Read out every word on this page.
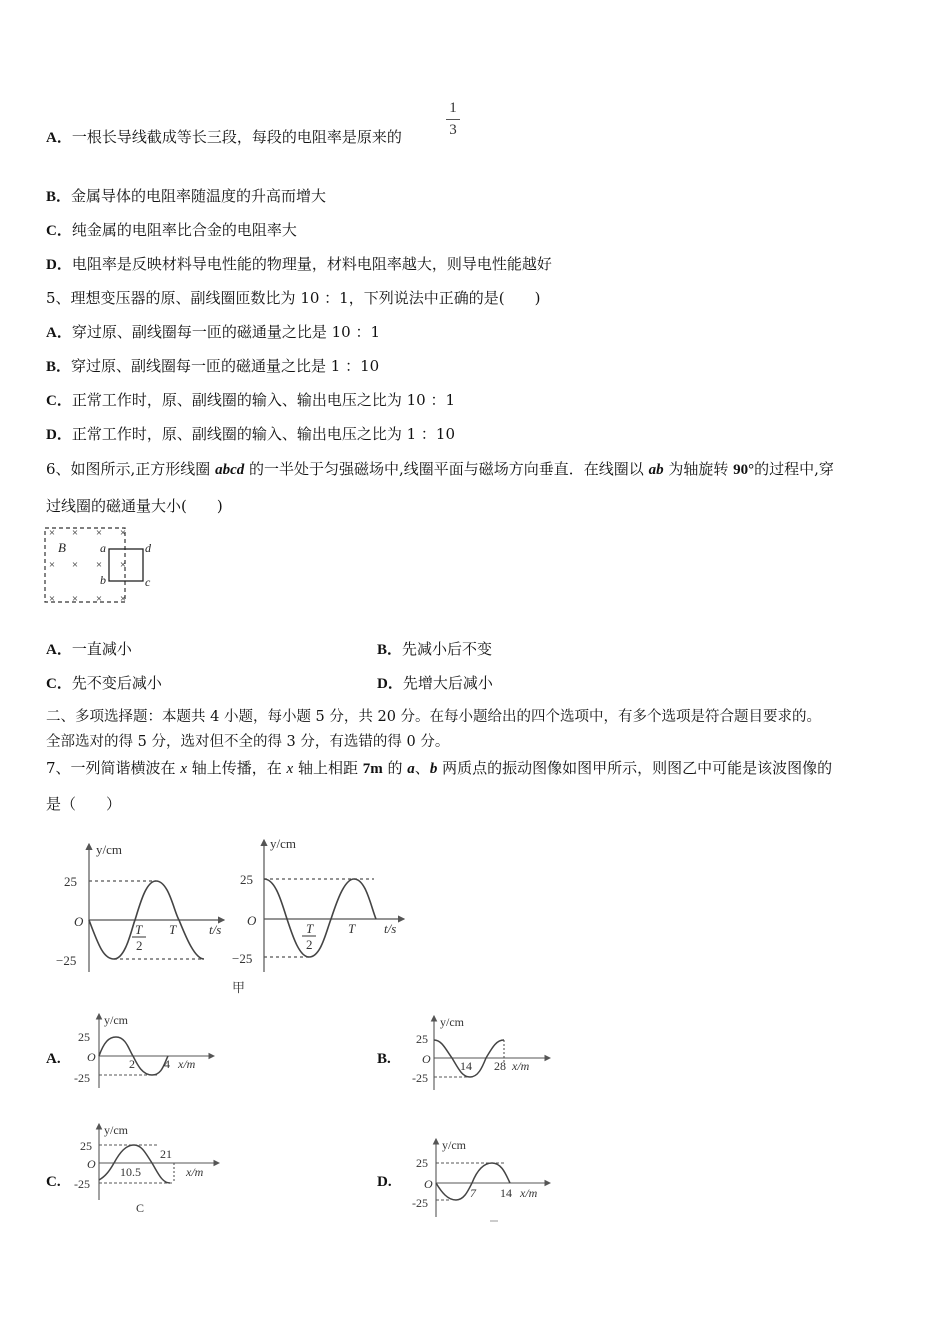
A．一根长导线截成等长三段，每段的电阻率是原来的
1
3
B．金属导体的电阻率随温度的升高而增大
C．纯金属的电阻率比合金的电阻率大
D．电阻率是反映材料导电性能的物理量，材料电阻率越大，则导电性能越好
5、理想变压器的原、副线圈匝数比为 10 ：1，下列说法中正确的是(　　)
A．穿过原、副线圈每一匝的磁通量之比是 10 ：1
B．穿过原、副线圈每一匝的磁通量之比是 1 ：10
C．正常工作时，原、副线圈的输入、输出电压之比为 10 ：1
D．正常工作时，原、副线圈的输入、输出电压之比为 1 ：10
6、如图所示,正方形线圈 abcd 的一半处于匀强磁场中,线圈平面与磁场方向垂直．在线圈以 ab 为轴旋转 90°的过程中,穿
过线圈的磁通量大小(　　)
× × × ×
× × × ×
× × × ×
B	a
b	c
d
A．一直减小	B．先减小后不变
C．先不变后减小	D．先增大后减小
二、多项选择题：本题共 4 小题，每小题 5 分，共 20 分。在每小题给出的四个选项中，有多个选项是符合题目要求的。
全部选对的得 5 分，选对但不全的得 3 分，有选错的得 0 分。
7、一列简谐横波在 x 轴上传播，在 x 轴上相距 7m 的 a、b 两质点的振动图像如图甲所示，则图乙中可能是该波图像的
是（　　）
y/cm
25
O
−25
T
2
T	t/s
y/cm
25
O
−25
T
2
T t/s
甲
A.
y/cm
25
O
-25
2 4 x/m	B.
y/cm
25
O
-25
14 28 x/m
C.
y/cm
25
O
-25
10.5
21
x/m
C
D.
y/cm
25
O
-25
7 14 x/m
